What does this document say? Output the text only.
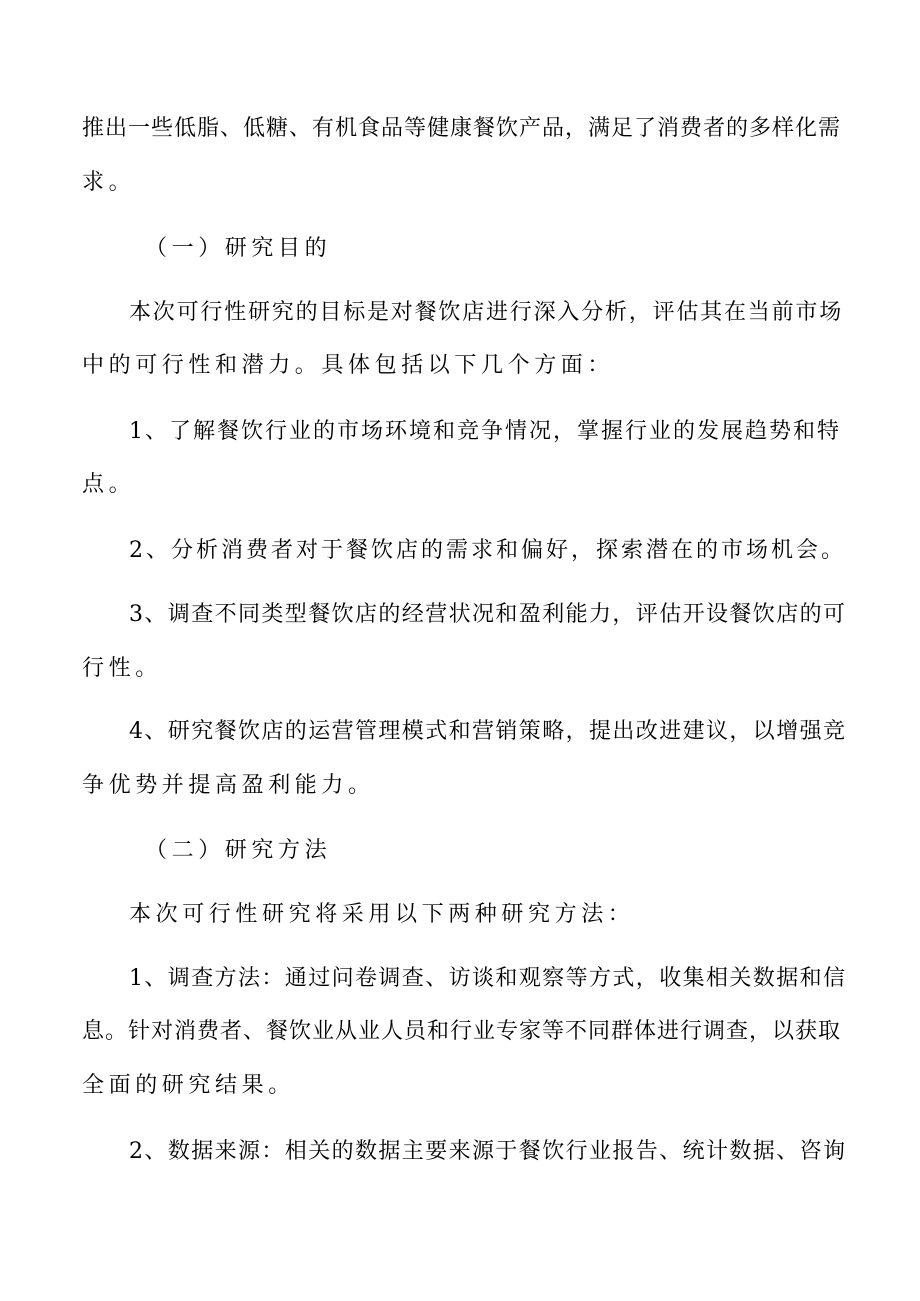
推出一些低脂、低糖、有机食品等健康餐饮产品，满足了消费者的多样化需
求。
（一）研究目的
本次可行性研究的目标是对餐饮店进行深入分析，评估其在当前市场
中的可行性和潜力。具体包括以下几个方面：
1、了解餐饮行业的市场环境和竞争情况，掌握行业的发展趋势和特
点。
2、分析消费者对于餐饮店的需求和偏好，探索潜在的市场机会。
3、调查不同类型餐饮店的经营状况和盈利能力，评估开设餐饮店的可
行性。
4、研究餐饮店的运营管理模式和营销策略，提出改进建议，以增强竞
争优势并提高盈利能力。
（二）研究方法
本次可行性研究将采用以下两种研究方法：
1、调查方法：通过问卷调查、访谈和观察等方式，收集相关数据和信
息。针对消费者、餐饮业从业人员和行业专家等不同群体进行调查，以获取
全面的研究结果。
2、数据来源：相关的数据主要来源于餐饮行业报告、统计数据、咨询
